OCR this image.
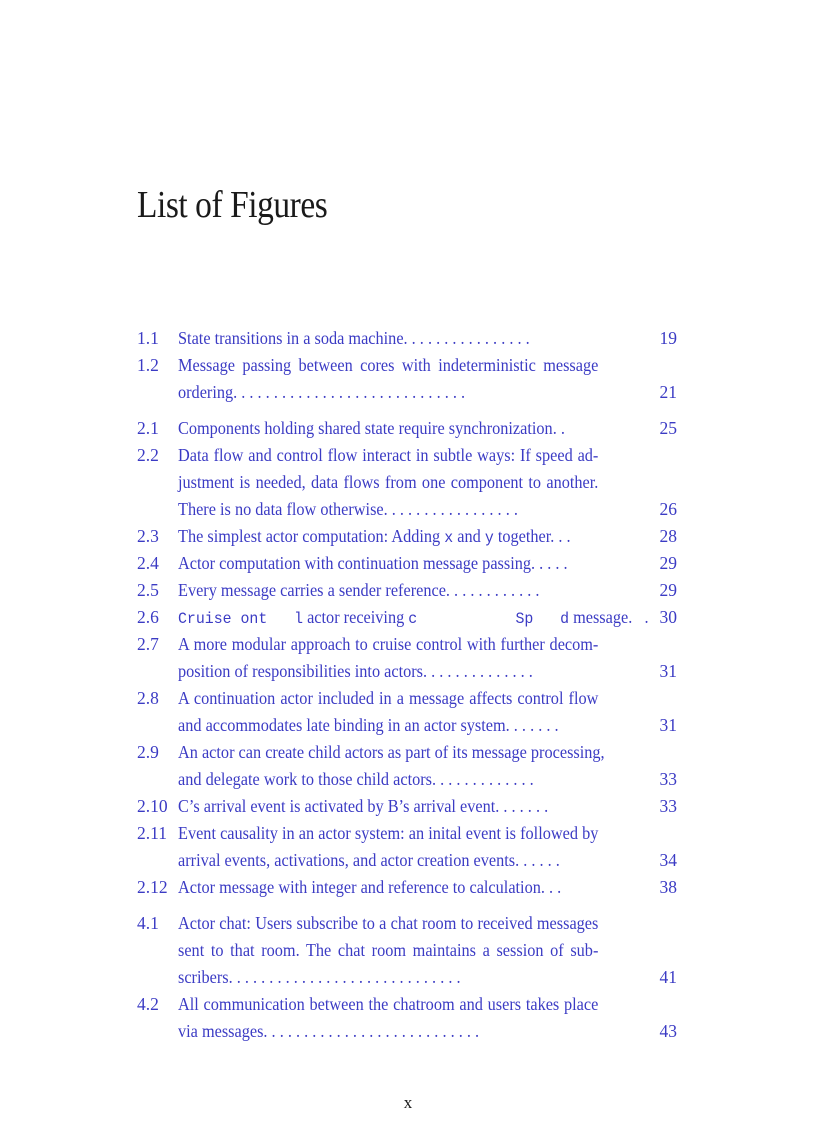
List of Figures
1.1	State transitions in a soda machine. . . . . . . . . . . . . . . .	19
1.2	Message passing between cores with indeterministic message
ordering. . . . . . . . . . . . . . . . . . . . . . . . . . . . .	21
2.1	Components holding shared state require synchronization. .	25
2.2	Data flow and control flow interact in subtle ways: If speed ad-
justment is needed, data flows from one component to another.
There is no data flow otherwise. . . . . . . . . . . . . . . . .	26
2.3	The simplest actor computation: Adding x and y together. . .	28
2.4	Actor computation with continuation message passing. . . . .	29
2.5	Every message carries a sender reference. . . . . . . . . . . .	29
2.6	Cruise ont   l actor receiving c           Sp   d message.   . 30
2.7	A more modular approach to cruise control with further decom-
position of responsibilities into actors. . . . . . . . . . . . . .	31
2.8	A continuation actor included in a message affects control flow
and accommodates late binding in an actor system. . . . . . .	31
2.9	An actor can create child actors as part of its message processing,
and delegate work to those child actors. . . . . . . . . . . . .	33
2.10 C’s arrival event is activated by B’s arrival event. . . . . . .	33
2.11 Event causality in an actor system: an inital event is followed by
arrival events, activations, and actor creation events. . . . . .	34
2.12 Actor message with integer and reference to calculation. . .	38
4.1	Actor chat: Users subscribe to a chat room to received messages
sent to that room. The chat room maintains a session of sub-
scribers. . . . . . . . . . . . . . . . . . . . . . . . . . . . .	41
4.2	All communication between the chatroom and users takes place
via messages. . . . . . . . . . . . . . . . . . . . . . . . . . .	43
x
